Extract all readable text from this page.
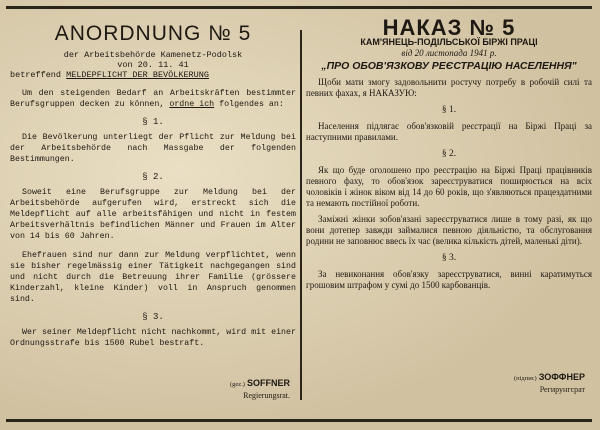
ANORDNUNG № 5
der Arbeitsbehörde Kamenetz-Podolsk
von 20. 11. 41
betreffend MELDEPFLICHT DER BEVÖLKERUNG

Um den steigenden Bedarf an Arbeitskräften bestimmter Berufsgruppen decken zu können, ordne ich folgendes an:

§ 1.

Die Bevölkerung unterliegt der Pflicht zur Meldung bei der Arbeitsbehörde nach Massgabe der folgenden Bestimmungen.

§ 2.

Soweit eine Berufsgruppe zur Meldung bei der Arbeitsbehörde aufgerufen wird, erstreckt sich die Meldepflicht auf alle arbeitsfähigen und nicht in festem Arbeitsverhältnis befindlichen Männer und Frauen im Alter von 14 bis 60 Jahren.

Ehefrauen sind nur dann zur Meldung verpflichtet, wenn sie bisher regelmässig einer Tätigkeit nachgegangen sind und nicht durch die Betreuung ihrer Familie (grössere Kinderzahl, kleine Kinder) voll in Anspruch genommen sind.

§ 3.

Wer seiner Meldepflicht nicht nachkommt, wird mit einer Ordnungsstrafe bis 1500 Rubel bestraft.

(gez.) SOFFNER
Regierungsrat.
НАКАЗ № 5
КАМ'ЯНЕЦЬ-ПОДІЛЬСЬКОЇ БІРЖІ ПРАЦІ
від 20 листопада 1941 р.
„ПРО ОБОВ'ЯЗКОВУ РЕЄСТРАЦІЮ НАСЕЛЕННЯ"

Щоби мати змогу задовольнити ростучу потребу в робочій силі та певних фахах, я НАКАЗУЮ:

§ 1.

Населення підлягає обов'язковій реєстрації на Біржі Праці за наступними правилами.

§ 2.

Як що буде оголошено про реєстрацію на Біржі Праці працівників певного фаху, то обов'язок зареєструватися поширюється на всіх чоловіків і жінок віком від 14 до 60 років, що з'являються працездатними та немають постійної роботи.

Заміжні жінки зобов'язані зареєструватися лише в тому разі, як що вони дотепер завжди займалися певною діяльністю, та обслуговання родини не заповнює ввесь їх час (велика кількість дітей, маленькі діти).

§ 3.

За невиконання обов'язку зареєструватися, винні каратимуться грошовим штрафом у сумі до 1500 карбованців.

(підпис) ЗОФФНЕР
Регирунгсрат
